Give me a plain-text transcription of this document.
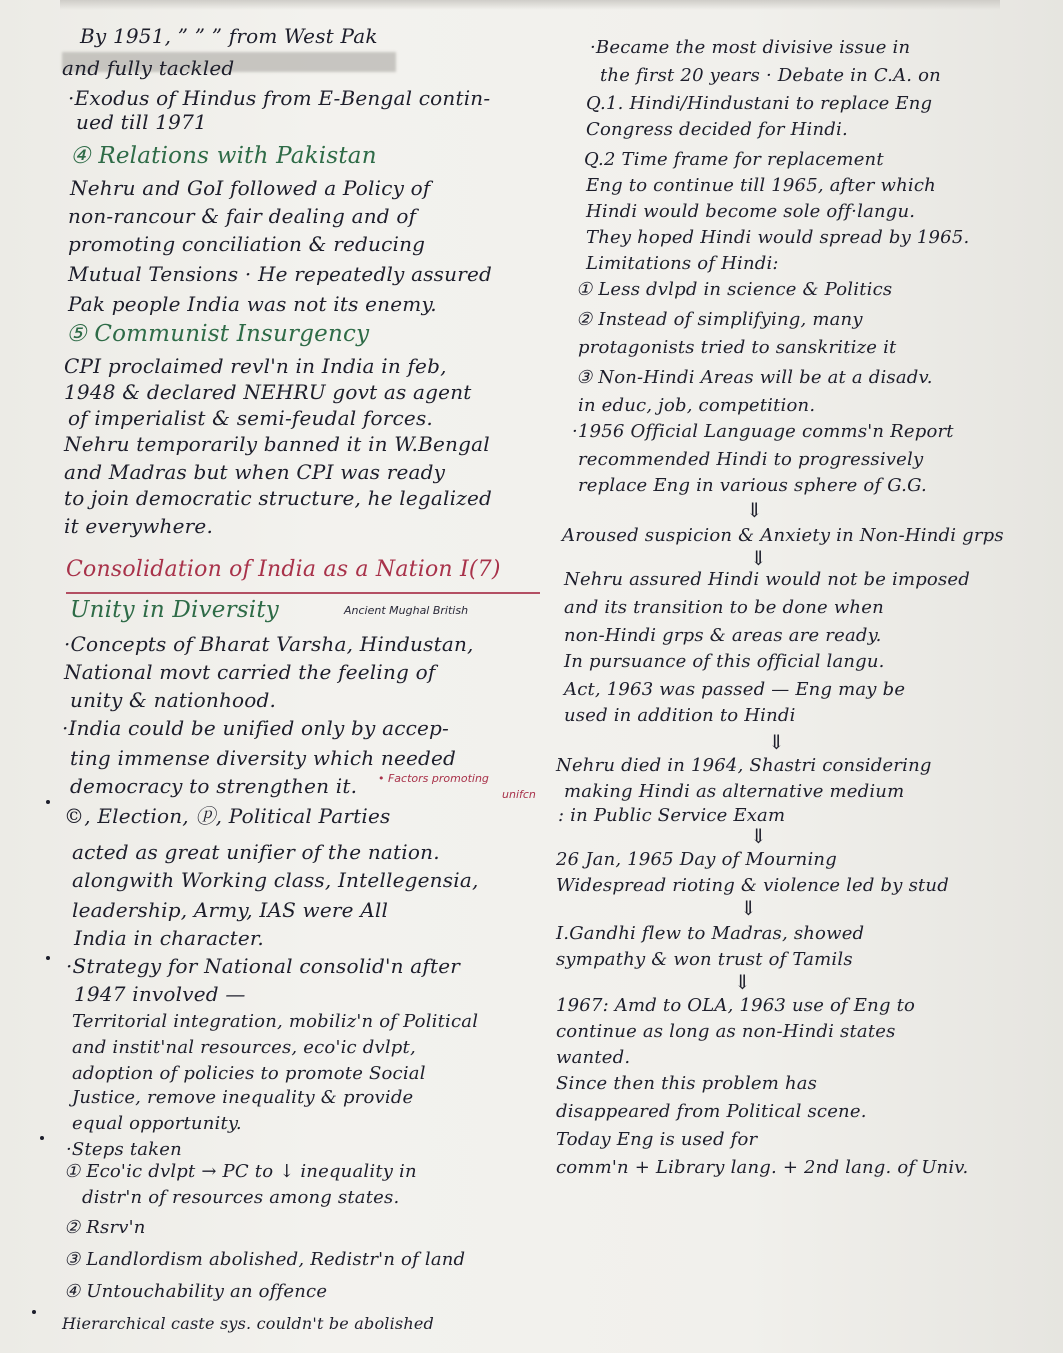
By 1951, ” ” ” from West Pak
and fully tackled
·Exodus of Hindus from E-Bengal contin-
ued till 1971
④ Relations with Pakistan
Nehru and GoI followed a Policy of
non-rancour & fair dealing and of
promoting conciliation & reducing
Mutual Tensions · He repeatedly assured
Pak people India was not its enemy.
⑤ Communist Insurgency
CPI proclaimed revl'n in India in feb,
1948 & declared NEHRU govt as agent
of imperialist & semi-feudal forces.
Nehru temporarily banned it in W.Bengal
and Madras but when CPI was ready
to join democratic structure, he legalized
it everywhere.
Consolidation of India as a Nation I(7)
Unity in Diversity	Ancient Mughal British
·Concepts of Bharat Varsha, Hindustan,
National movt carried the feeling of
unity & nationhood.
·India could be unified only by accep-
ting immense diversity which needed
democracy to strengthen it. • Factors promoting
unifcn
©, Election, ⓟ, Political Parties
acted as great unifier of the nation.
alongwith Working class, Intellegensia,
leadership, Army, IAS were All
India in character.
·Strategy for National consolid'n after
1947 involved —
Territorial integration, mobiliz'n of Political
and instit'nal resources, eco'ic dvlpt,
adoption of policies to promote Social
Justice, remove inequality & provide
equal opportunity.
·Steps taken
① Eco'ic dvlpt → PC to ↓ inequality in
distr'n of resources among states.
② Rsrv'n
③ Landlordism abolished, Redistr'n of land
④ Untouchability an offence
Hierarchical caste sys. couldn't be abolished
·Became the most divisive issue in
the first 20 years · Debate in C.A. on
Q.1. Hindi/Hindustani to replace Eng
Congress decided for Hindi.
Q.2 Time frame for replacement
Eng to continue till 1965, after which
Hindi would become sole off·langu.
They hoped Hindi would spread by 1965.
Limitations of Hindi:
① Less dvlpd in science & Politics
② Instead of simplifying, many
protagonists tried to sanskritize it
③ Non-Hindi Areas will be at a disadv.
in educ, job, competition.
·1956 Official Language comms'n Report
recommended Hindi to progressively
replace Eng in various sphere of G.G.
⇓
Aroused suspicion & Anxiety in Non-Hindi grps
⇓
Nehru assured Hindi would not be imposed
and its transition to be done when
non-Hindi grps & areas are ready.
In pursuance of this official langu.
Act, 1963 was passed — Eng may be
used in addition to Hindi
⇓
Nehru died in 1964, Shastri considering
making Hindi as alternative medium
: in Public Service Exam
⇓
26 Jan, 1965 Day of Mourning
Widespread rioting & violence led by stud
⇓
I.Gandhi flew to Madras, showed
sympathy & won trust of Tamils
⇓
1967: Amd to OLA, 1963 use of Eng to
continue as long as non-Hindi states
wanted.
Since then this problem has
disappeared from Political scene.
Today Eng is used for
comm'n + Library lang. + 2nd lang. of Univ.
